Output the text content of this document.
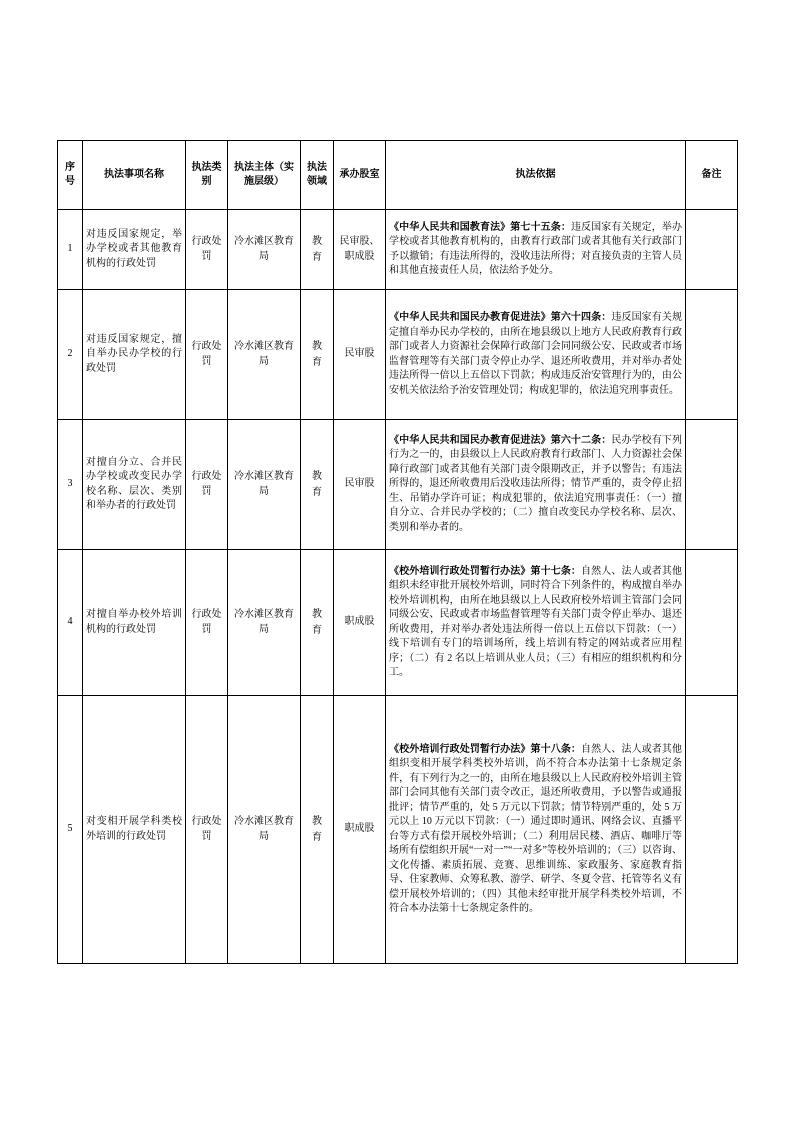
序号	执法事项名称	执法类别	执法主体（实施层级）	执法领域	承办股室	执法依据	备注
1	对违反国家规定，举办学校或者其他教育机构的行政处罚	行政处罚	冷水滩区教育局	教育	民审股、职成股	《中华人民共和国教育法》第七十五条：违反国家有关规定，举办学校或者其他教育机构的，由教育行政部门或者其他有关行政部门予以撤销；有违法所得的，没收违法所得；对直接负责的主管人员和其他直接责任人员，依法给予处分。	
2	对违反国家规定，擅自举办民办学校的行政处罚	行政处罚	冷水滩区教育局	教育	民审股	《中华人民共和国民办教育促进法》第六十四条：违反国家有关规定擅自举办民办学校的，由所在地县级以上地方人民政府教育行政部门或者人力资源社会保障行政部门会同同级公安、民政或者市场监督管理等有关部门责令停止办学、退还所收费用，并对举办者处违法所得一倍以上五倍以下罚款；构成违反治安管理行为的，由公安机关依法给予治安管理处罚；构成犯罪的，依法追究刑事责任。	
3	对擅自分立、合并民办学校或改变民办学校名称、层次、类别和举办者的行政处罚	行政处罚	冷水滩区教育局	教育	民审股	《中华人民共和国民办教育促进法》第六十二条：民办学校有下列行为之一的，由县级以上人民政府教育行政部门、人力资源社会保障行政部门或者其他有关部门责令限期改正，并予以警告；有违法所得的，退还所收费用后没收违法所得；情节严重的，责令停止招生、吊销办学许可证；构成犯罪的，依法追究刑事责任：（一）擅自分立、合并民办学校的；（二）擅自改变民办学校名称、层次、类别和举办者的。	
4	对擅自举办校外培训机构的行政处罚	行政处罚	冷水滩区教育局	教育	职成股	《校外培训行政处罚暂行办法》第十七条：自然人、法人或者其他组织未经审批开展校外培训，同时符合下列条件的，构成擅自举办校外培训机构，由所在地县级以上人民政府校外培训主管部门会同同级公安、民政或者市场监督管理等有关部门责令停止举办、退还所收费用，并对举办者处违法所得一倍以上五倍以下罚款：（一）线下培训有专门的培训场所，线上培训有特定的网站或者应用程序；（二）有 2 名以上培训从业人员；（三）有相应的组织机构和分工。	
5	对变相开展学科类校外培训的行政处罚	行政处罚	冷水滩区教育局	教育	职成股	《校外培训行政处罚暂行办法》第十八条：自然人、法人或者其他组织变相开展学科类校外培训，尚不符合本办法第十七条规定条件，有下列行为之一的，由所在地县级以上人民政府校外培训主管部门会同其他有关部门责令改正，退还所收费用，予以警告或通报批评；情节严重的，处 5 万元以下罚款；情节特别严重的，处 5 万元以上 10 万元以下罚款：（一）通过即时通讯、网络会议、直播平台等方式有偿开展校外培训；（二）利用居民楼、酒店、咖啡厅等场所有偿组织开展“一对一”“一对多”等校外培训的；（三）以咨询、文化传播、素质拓展、竞赛、思维训练、家政服务、家庭教育指导、住家教师、众筹私教、游学、研学、冬夏令营、托管等名义有偿开展校外培训的；（四）其他未经审批开展学科类校外培训，不符合本办法第十七条规定条件的。	
